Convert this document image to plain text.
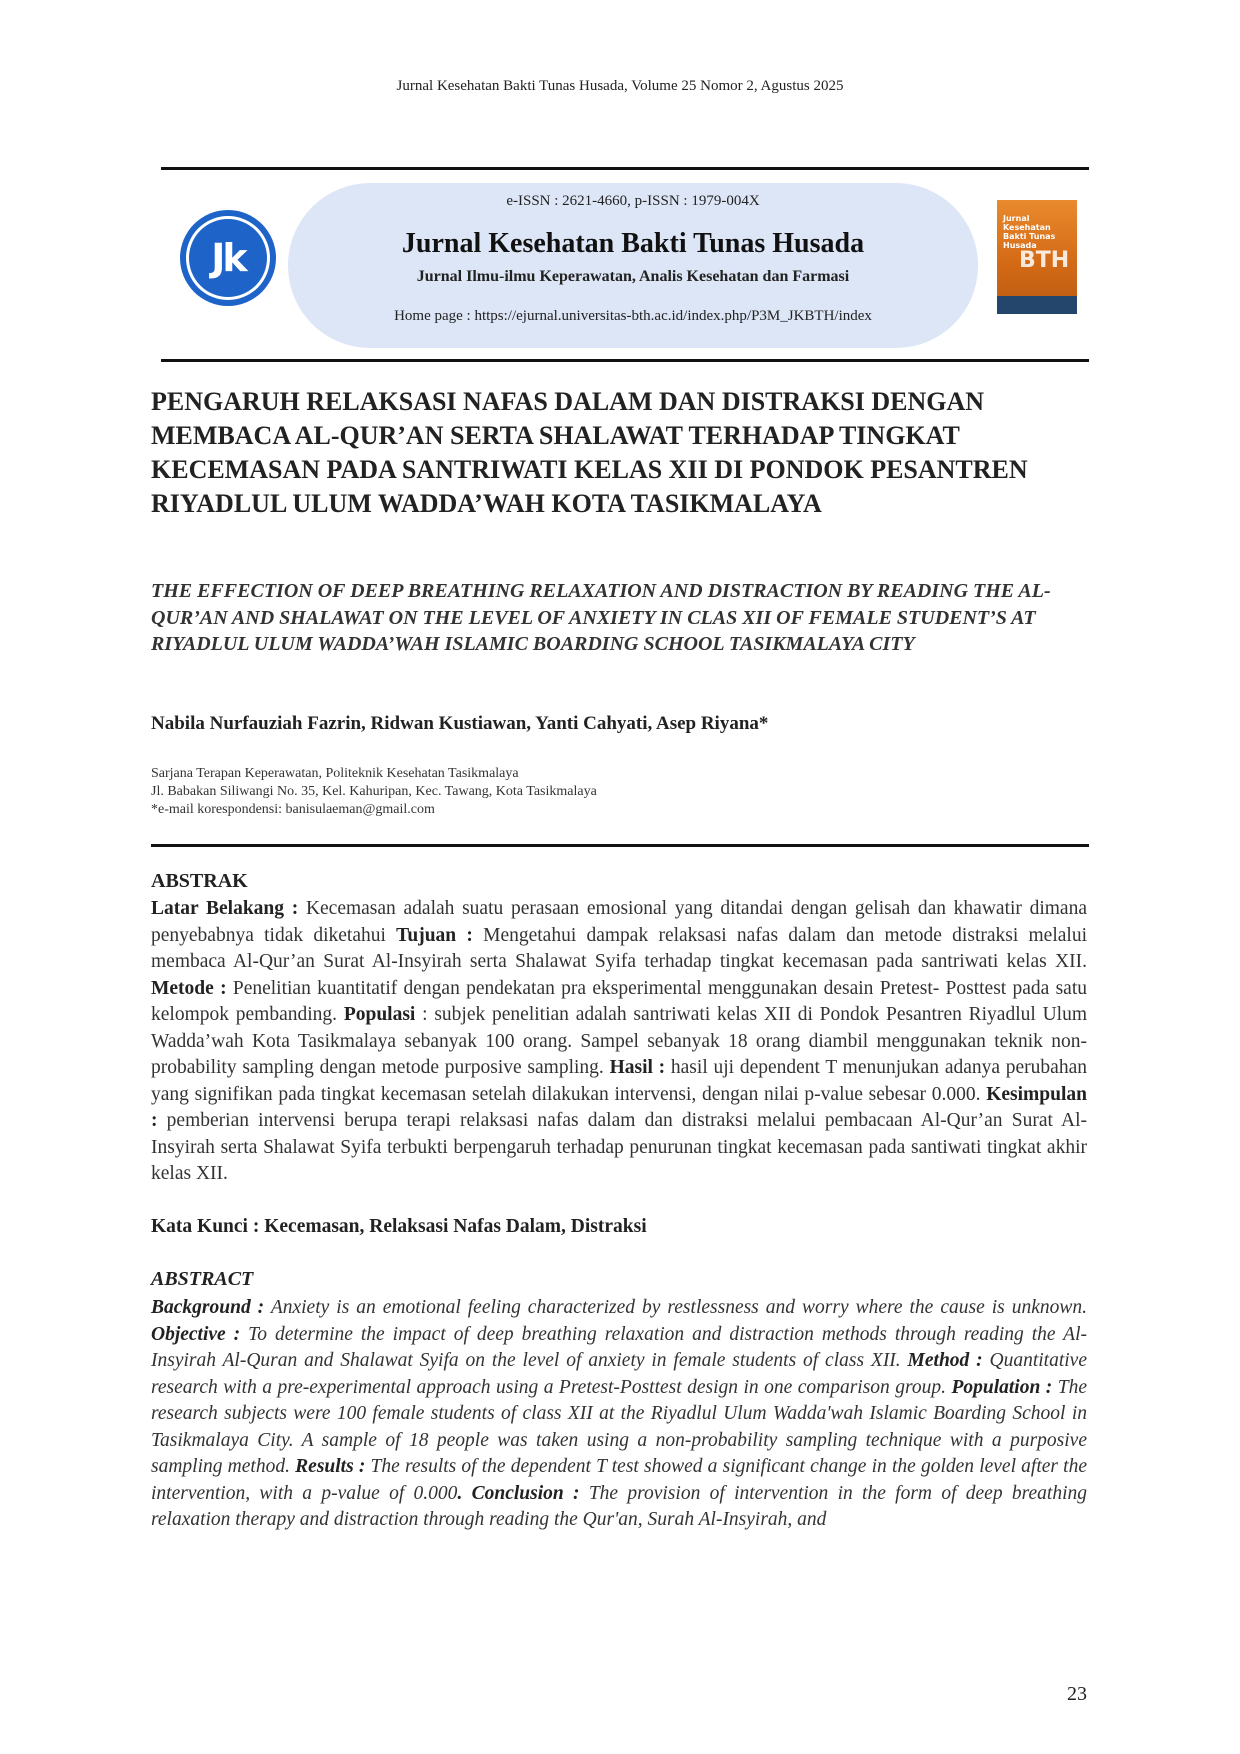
Jurnal Kesehatan Bakti Tunas Husada, Volume 25 Nomor 2, Agustus 2025
Jk
e-ISSN : 2621-4660, p-ISSN : 1979-004X
Jurnal Kesehatan Bakti Tunas Husada
Jurnal Ilmu-ilmu Keperawatan, Analis Kesehatan dan Farmasi
Home page : https://ejurnal.universitas-bth.ac.id/index.php/P3M_JKBTH/index
Jurnal Kesehatan Bakti Tunas Husada
BTH
PENGARUH RELAKSASI NAFAS DALAM DAN DISTRAKSI DENGAN MEMBACA AL-QUR’AN SERTA SHALAWAT TERHADAP TINGKAT KECEMASAN PADA SANTRIWATI KELAS XII DI PONDOK PESANTREN RIYADLUL ULUM WADDA’WAH KOTA TASIKMALAYA
THE EFFECTION OF DEEP BREATHING RELAXATION AND DISTRACTION BY READING THE AL-QUR’AN AND SHALAWAT ON THE LEVEL OF ANXIETY IN CLAS XII OF FEMALE STUDENT’S AT RIYADLUL ULUM WADDA’WAH ISLAMIC BOARDING SCHOOL TASIKMALAYA CITY
Nabila Nurfauziah Fazrin, Ridwan Kustiawan, Yanti Cahyati, Asep Riyana*
Sarjana Terapan Keperawatan, Politeknik Kesehatan Tasikmalaya
Jl. Babakan Siliwangi No. 35, Kel. Kahuripan, Kec. Tawang, Kota Tasikmalaya
*e-mail korespondensi: banisulaeman@gmail.com
ABSTRAK

Latar Belakang : Kecemasan adalah suatu perasaan emosional yang ditandai dengan gelisah dan khawatir dimana penyebabnya tidak diketahui Tujuan : Mengetahui dampak relaksasi nafas dalam dan metode distraksi melalui membaca Al-Qur’an Surat Al-Insyirah serta Shalawat Syifa terhadap tingkat kecemasan pada santriwati kelas XII. Metode : Penelitian kuantitatif dengan pendekatan pra eksperimental menggunakan desain Pretest- Posttest pada satu kelompok pembanding. Populasi : subjek penelitian adalah santriwati kelas XII di Pondok Pesantren Riyadlul Ulum Wadda’wah Kota Tasikmalaya sebanyak 100 orang. Sampel sebanyak 18 orang diambil menggunakan teknik non-probability sampling dengan metode purposive sampling. Hasil : hasil uji dependent T menunjukan adanya perubahan yang signifikan pada tingkat kecemasan setelah dilakukan intervensi, dengan nilai p-value sebesar 0.000. Kesimpulan : pemberian intervensi berupa terapi relaksasi nafas dalam dan distraksi melalui pembacaan Al-Qur’an Surat Al-Insyirah serta Shalawat Syifa terbukti berpengaruh terhadap penurunan tingkat kecemasan pada santiwati tingkat akhir kelas XII.

Kata Kunci : Kecemasan, Relaksasi Nafas Dalam, Distraksi
ABSTRACT

Background : Anxiety is an emotional feeling characterized by restlessness and worry where the cause is unknown. Objective : To determine the impact of deep breathing relaxation and distraction methods through reading the Al-Insyirah Al-Quran and Shalawat Syifa on the level of anxiety in female students of class XII. Method : Quantitative research with a pre-experimental approach using a Pretest-Posttest design in one comparison group. Population : The research subjects were 100 female students of class XII at the Riyadlul Ulum Wadda'wah Islamic Boarding School in Tasikmalaya City. A sample of 18 people was taken using a non-probability sampling technique with a purposive sampling method. Results : The results of the dependent T test showed a significant change in the golden level after the intervention, with a p-value of 0.000. Conclusion : The provision of intervention in the form of deep breathing relaxation therapy and distraction through reading the Qur'an, Surah Al-Insyirah, and

23
